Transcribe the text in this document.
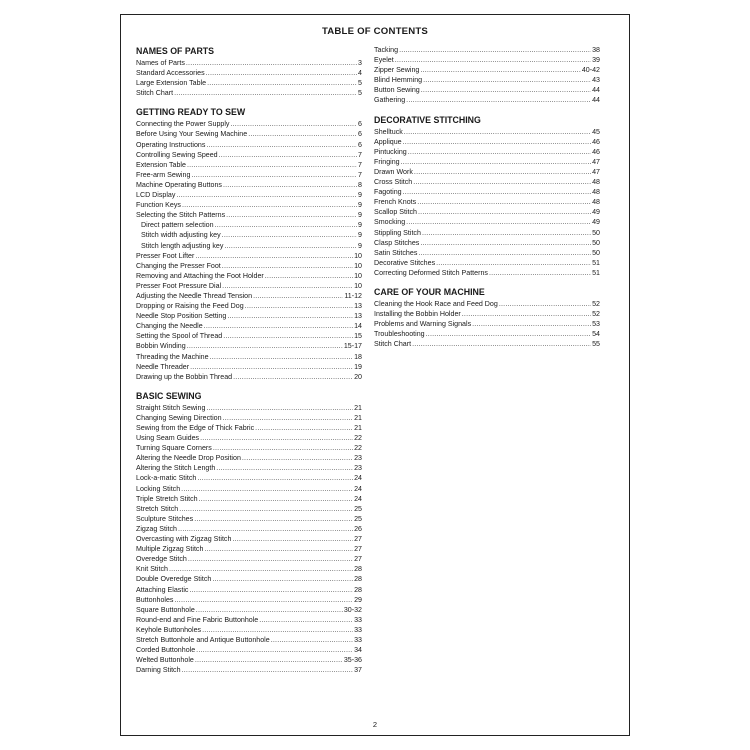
TABLE OF CONTENTS
NAMES OF PARTS
Names of Parts .....	3
Standard Accessories .....	4
Large Extension Table .....	5
Stitch Chart .....	5
GETTING READY TO SEW
Connecting the Power Supply .....	6
Before Using Your Sewing Machine .....	6
Operating Instructions .....	6
Controlling Sewing Speed .....	7
Extension Table .....	7
Free-arm Sewing .....	7
Machine Operating Buttons .....	8
LCD Display .....	9
Function Keys .....	9
Selecting the Stitch Patterns .....	9
Direct pattern selection .....	9
Stitch width adjusting key .....	9
Stitch length adjusting key .....	9
Presser Foot Lifter .....	10
Changing the Presser Foot .....	10
Removing and Attaching the Foot Holder .....	10
Presser Foot Pressure Dial .....	10
Adjusting the Needle Thread Tension .....	11-12
Dropping or Raising the Feed Dog .....	13
Needle Stop Position Setting .....	13
Changing the Needle .....	14
Setting the Spool of Thread .....	15
Bobbin Winding .....	15-17
Threading the Machine .....	18
Needle Threader .....	19
Drawing up the Bobbin Thread .....	20
BASIC SEWING
Straight Stitch Sewing .....	21
Changing Sewing Direction .....	21
Sewing from the Edge of Thick Fabric .....	21
Using Seam Guides .....	22
Turning Square Corners .....	22
Altering the Needle Drop Position .....	23
Altering the Stitch Length .....	23
Lock-a-matic Stitch .....	24
Locking Stitch .....	24
Triple Stretch Stitch .....	24
Stretch Stitch .....	25
Sculpture Stitches .....	25
Zigzag Stitch .....	26
Overcasting with Zigzag Stitch .....	27
Multiple Zigzag Stitch .....	27
Overedge Stitch .....	27
Knit Stitch .....	28
Double Overedge Stitch .....	28
Attaching Elastic .....	28
Buttonholes .....	29
Square Buttonhole .....	30-32
Round-end and Fine Fabric Buttonhole .....	33
Keyhole Buttonholes .....	33
Stretch Buttonhole and Antique Buttonhole .....	33
Corded Buttonhole .....	34
Welted Buttonhole .....	35-36
Darning Stitch .....	37
Tacking .....	38
Eyelet .....	39
Zipper Sewing .....	40-42
Blind Hemming .....	43
Button Sewing .....	44
Gathering .....	44
DECORATIVE STITCHING
Shelltuck .....	45
Applique .....	46
Pintucking .....	46
Fringing .....	47
Drawn Work .....	47
Cross Stitch .....	48
Fagoting .....	48
French Knots .....	48
Scallop Stitch .....	49
Smocking .....	49
Stippling Stitch .....	50
Clasp Stitches .....	50
Satin Stitches .....	50
Decorative Stitches .....	51
Correcting Deformed Stitch Patterns .....	51
CARE OF YOUR MACHINE
Cleaning the Hook Race and Feed Dog .....	52
Installing the Bobbin Holder .....	52
Problems and Warning Signals .....	53
Troubleshooting .....	54
Stitch Chart .....	55
2
